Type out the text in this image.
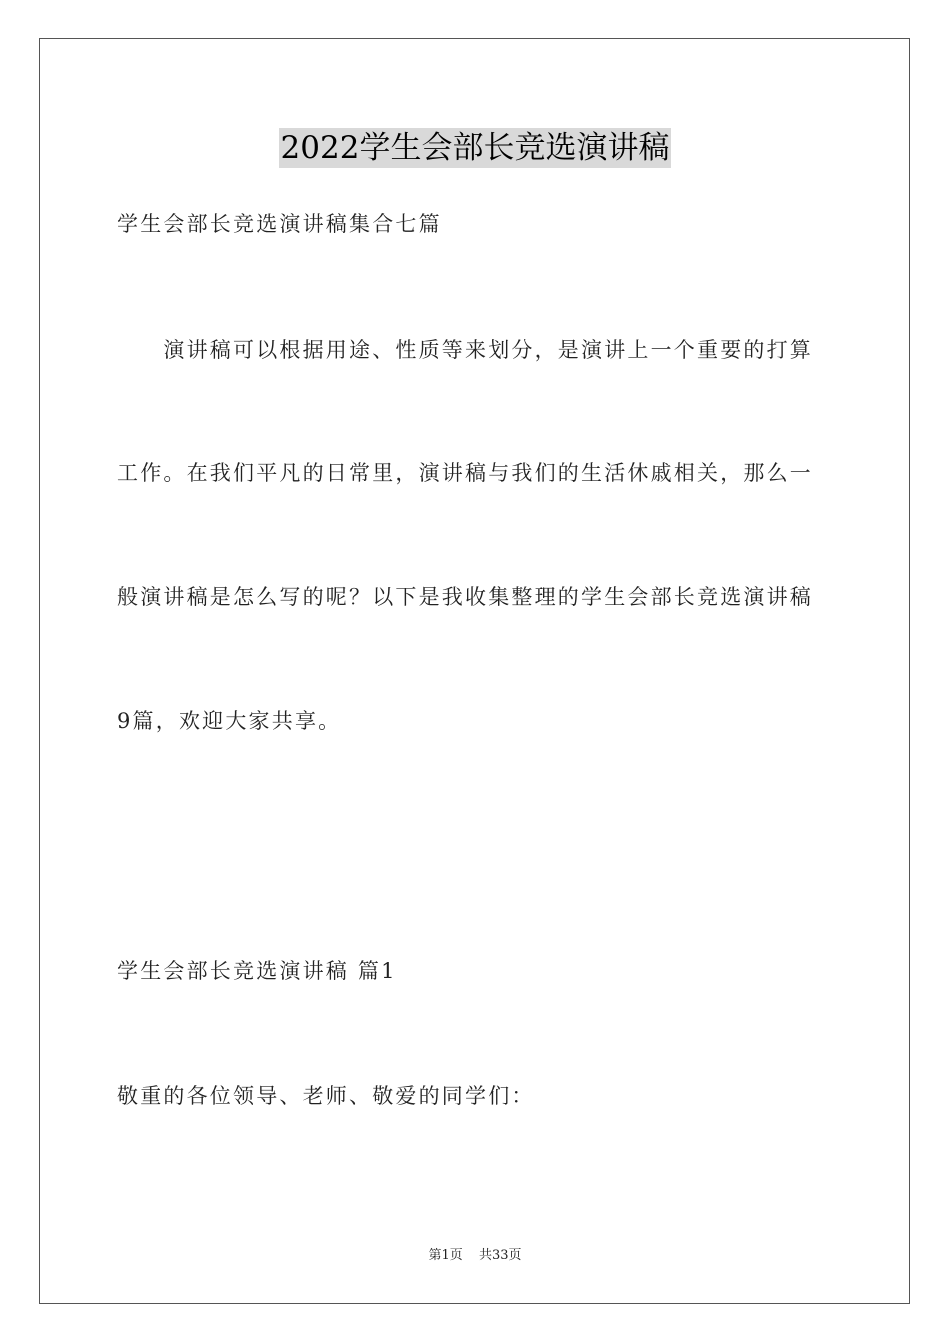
2022学生会部长竞选演讲稿
学生会部长竞选演讲稿集合七篇
　　演讲稿可以根据用途、性质等来划分，是演讲上一个重要的打算
工作。在我们平凡的日常里，演讲稿与我们的生活休戚相关，那么一
般演讲稿是怎么写的呢？以下是我收集整理的学生会部长竞选演讲稿
9篇，欢迎大家共享。
学生会部长竞选演讲稿 篇1
敬重的各位领导、老师、敬爱的同学们：
第1页 共33页
